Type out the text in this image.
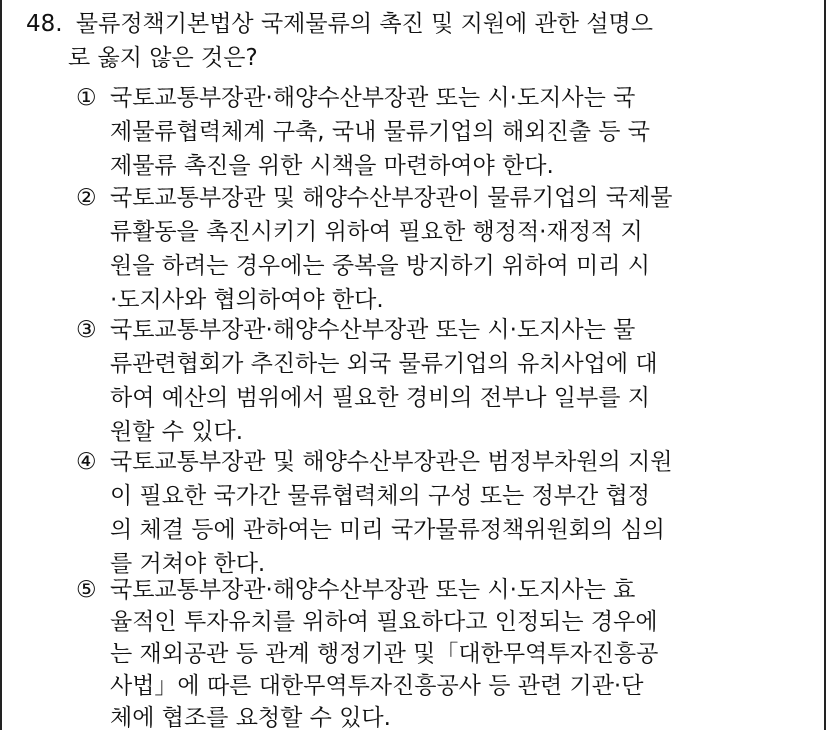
48. 물류정책기본법상 국제물류의 촉진 및 지원에 관한 설명으
로 옳지 않은 것은?
① 국토교통부장관·해양수산부장관 또는 시·도지사는 국
제물류협력체계 구축, 국내 물류기업의 해외진출 등 국
제물류 촉진을 위한 시책을 마련하여야 한다.
② 국토교통부장관 및 해양수산부장관이 물류기업의 국제물
류활동을 촉진시키기 위하여 필요한 행정적·재정적 지
원을 하려는 경우에는 중복을 방지하기 위하여 미리 시
·도지사와 협의하여야 한다.
③ 국토교통부장관·해양수산부장관 또는 시·도지사는 물
류관련협회가 추진하는 외국 물류기업의 유치사업에 대
하여 예산의 범위에서 필요한 경비의 전부나 일부를 지
원할 수 있다.
④ 국토교통부장관 및 해양수산부장관은 범정부차원의 지원
이 필요한 국가간 물류협력체의 구성 또는 정부간 협정
의 체결 등에 관하여는 미리 국가물류정책위원회의 심의
를 거쳐야 한다.
⑤ 국토교통부장관·해양수산부장관 또는 시·도지사는 효
율적인 투자유치를 위하여 필요하다고 인정되는 경우에
는 재외공관 등 관계 행정기관 및「대한무역투자진흥공
사법」에 따른 대한무역투자진흥공사 등 관련 기관·단
체에 협조를 요청할 수 있다.
